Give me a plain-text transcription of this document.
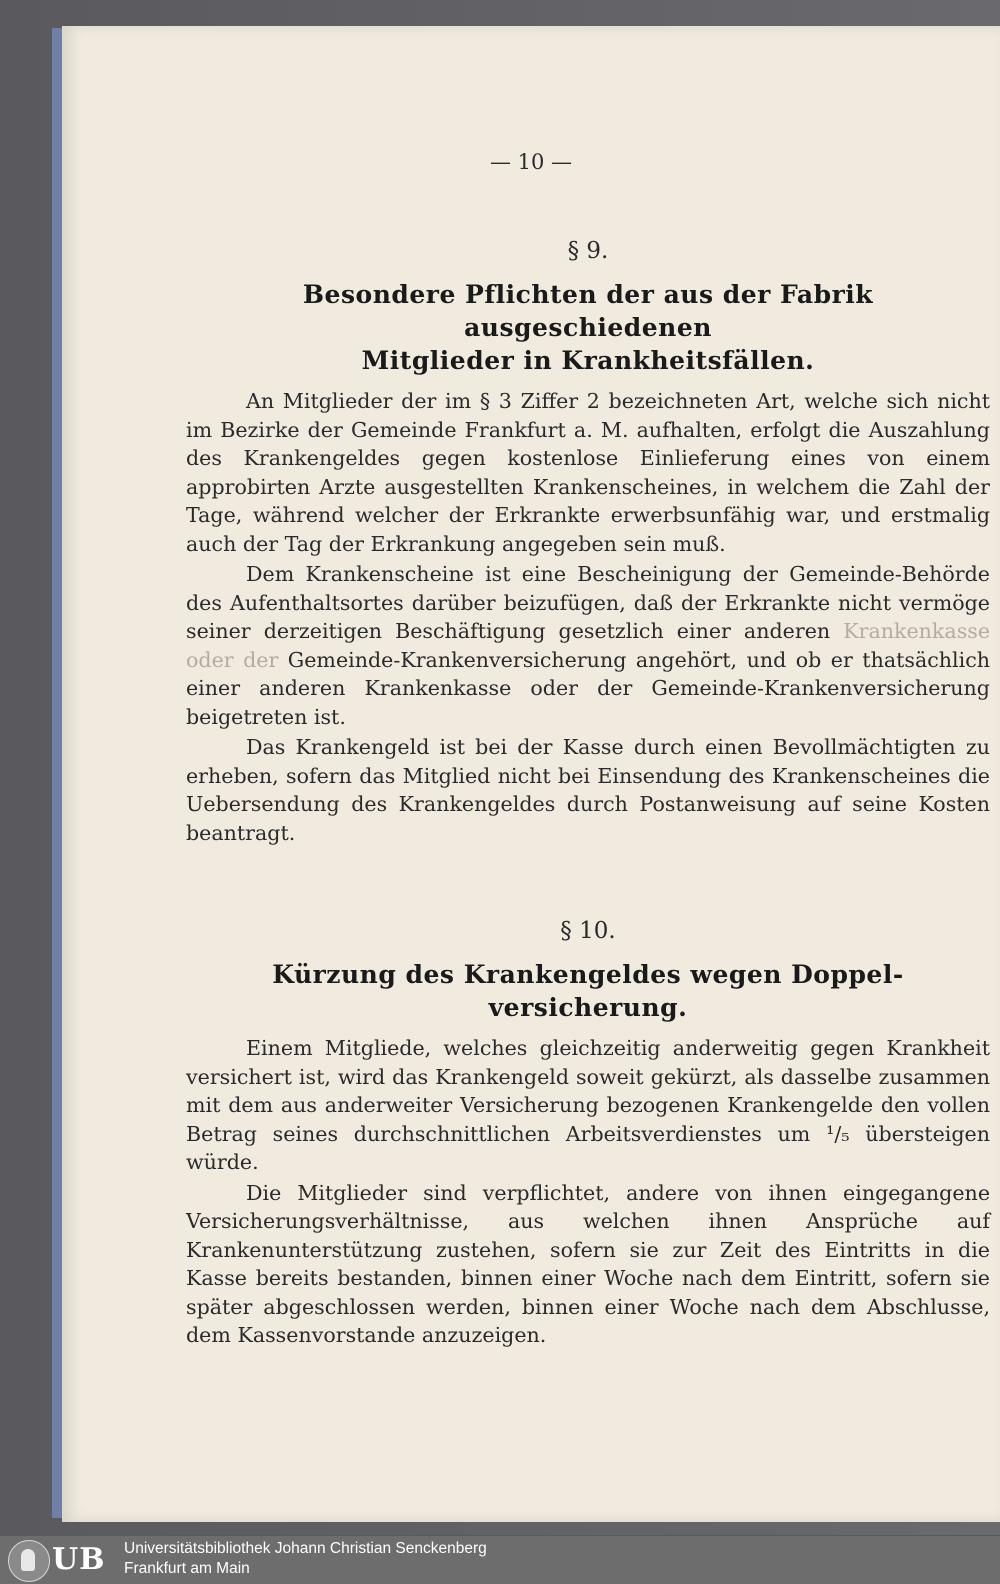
— 10 —
§ 9.
Besondere Pflichten der aus der Fabrik ausgeschiedenen
Mitglieder in Krankheitsfällen.

An Mitglieder der im § 3 Ziffer 2 bezeichneten Art, welche sich nicht im Bezirke der Gemeinde Frankfurt a. M. aufhalten, erfolgt die Auszahlung des Krankengeldes gegen kostenlose Einlieferung eines von einem approbirten Arzte ausgestellten Krankenscheines, in welchem die Zahl der Tage, während welcher der Erkrankte erwerbsunfähig war, und erstmalig auch der Tag der Erkrankung angegeben sein muß.

Dem Krankenscheine ist eine Bescheinigung der Gemeinde-Behörde des Aufenthaltsortes darüber beizufügen, daß der Erkrankte nicht vermöge seiner derzeitigen Beschäftigung gesetzlich einer anderen Krankenkasse oder der Gemeinde-Krankenversicherung angehört, und ob er thatsächlich einer anderen Krankenkasse oder der Gemeinde-Krankenversicherung beigetreten ist.

Das Krankengeld ist bei der Kasse durch einen Bevollmächtigten zu erheben, sofern das Mitglied nicht bei Einsendung des Krankenscheines die Uebersendung des Krankengeldes durch Postanweisung auf seine Kosten beantragt.

§ 10.
Kürzung des Krankengeldes wegen Doppel-
versicherung.

Einem Mitgliede, welches gleichzeitig anderweitig gegen Krankheit versichert ist, wird das Krankengeld soweit gekürzt, als dasselbe zusammen mit dem aus anderweiter Versicherung bezogenen Krankengelde den vollen Betrag seines durchschnittlichen Arbeitsverdienstes um ¹/₅ übersteigen würde.

Die Mitglieder sind verpflichtet, andere von ihnen eingegangene Versicherungsverhältnisse, aus welchen ihnen Ansprüche auf Krankenunterstützung zustehen, sofern sie zur Zeit des Eintritts in die Kasse bereits bestanden, binnen einer Woche nach dem Eintritt, sofern sie später abgeschlossen werden, binnen einer Woche nach dem Abschlusse, dem Kassenvorstande anzuzeigen.

UB	Universitätsbibliothek Johann Christian Senckenberg
Frankfurt am Main
